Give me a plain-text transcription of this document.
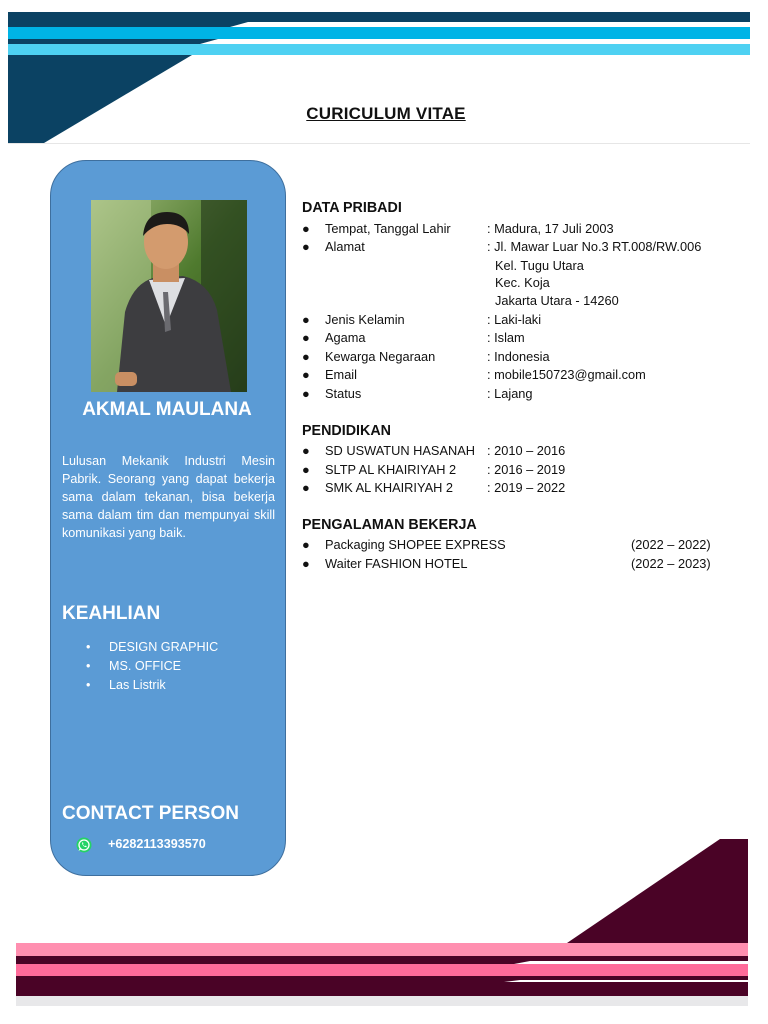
CURICULUM VITAE
AKMAL MAULANA
Lulusan Mekanik Industri Mesin Pabrik. Seorang yang dapat bekerja sama dalam tekanan, bisa bekerja sama dalam tim dan mempunyai skill komunikasi yang baik.
KEAHLIAN
• DESIGN GRAPHIC
• MS. OFFICE
• Las Listrik
CONTACT PERSON
+6282113393570
DATA PRIBADI
● Tempat, Tanggal Lahir	: Madura, 17 Juli 2003
● Alamat	: Jl. Mawar Luar No.3 RT.008/RW.006
Kel. Tugu Utara
Kec. Koja
Jakarta Utara - 14260
● Jenis Kelamin	: Laki-laki
● Agama	: Islam
● Kewarga Negaraan	: Indonesia
● Email	: mobile150723@gmail.com
● Status	: Lajang
PENDIDIKAN
● SD USWATUN HASANAH : 2010 – 2016
● SLTP AL KHAIRIYAH 2 : 2016 – 2019
● SMK AL KHAIRIYAH 2	: 2019 – 2022
PENGALAMAN BEKERJA
● Packaging SHOPEE EXPRESS	(2022 – 2022)
● Waiter FASHION HOTEL	(2022 – 2023)
